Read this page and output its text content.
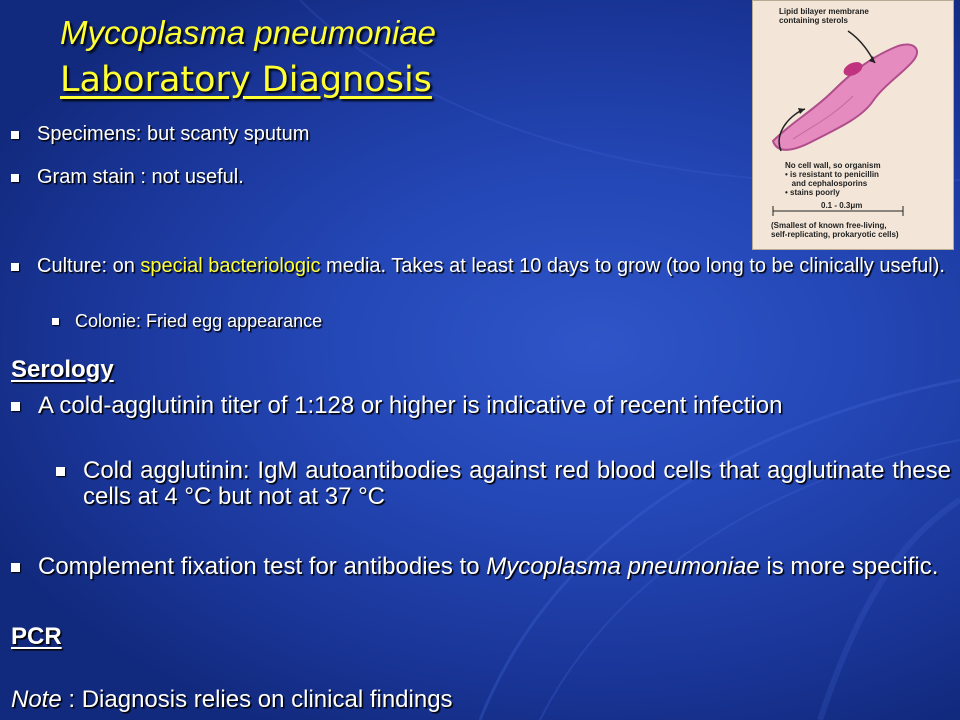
Mycoplasma pneumoniae
Laboratory Diagnosis
Lipid bilayer membrane
containing sterols
No cell wall, so organism
• is resistant to penicillin
and cephalosporins
• stains poorly
0.1 - 0.3μm
(Smallest of known free-living,
self-replicating, prokaryotic cells)
Specimens: but scanty sputum
Gram stain : not useful.
Culture: on special bacteriologic media. Takes at least 10 days to grow (too long to be clinically useful).
Colonie: Fried egg appearance
Serology
A cold-agglutinin titer of 1:128 or higher is indicative of recent infection
Cold agglutinin: IgM autoantibodies against red blood cells that agglutinate these cells at 4 °C but not at 37 °C
Complement fixation test for antibodies to Mycoplasma pneumoniae is more specific.
PCR
Note : Diagnosis relies on clinical findings
